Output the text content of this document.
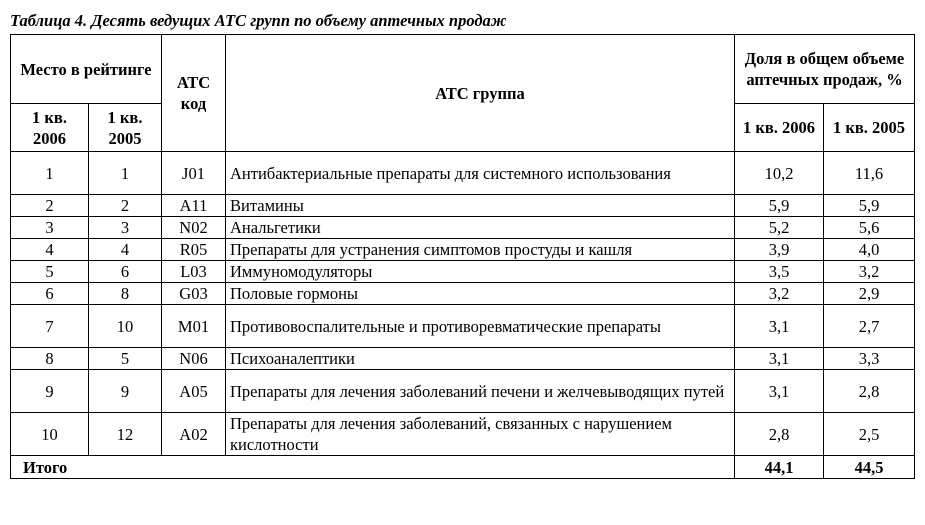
Таблица 4. Десять ведущих АТС групп по объему аптечных продаж
Место в рейтинге		АТС код	АТС группа	Доля в общем объеме аптечных продаж, %	
1 кв. 2006	1 кв. 2005			1 кв. 2006	1 кв. 2005
1	1	J01	Антибактериальные препараты для системного использования	10,2	11,6
2	2	A11	Витамины	5,9	5,9
3	3	N02	Анальгетики	5,2	5,6
4	4	R05	Препараты для устранения симптомов простуды и кашля	3,9	4,0
5	6	L03	Иммуномодуляторы	3,5	3,2
6	8	G03	Половые гормоны	3,2	2,9
7	10	M01	Противовоспалительные и противоревматические препараты	3,1	2,7
8	5	N06	Психоаналептики	3,1	3,3
9	9	A05	Препараты для лечения заболеваний печени и желчевыводящих путей	3,1	2,8
10	12	A02	Препараты для лечения заболеваний, связанных с нарушением кислотности	2,8	2,5
Итого				44,1	44,5
